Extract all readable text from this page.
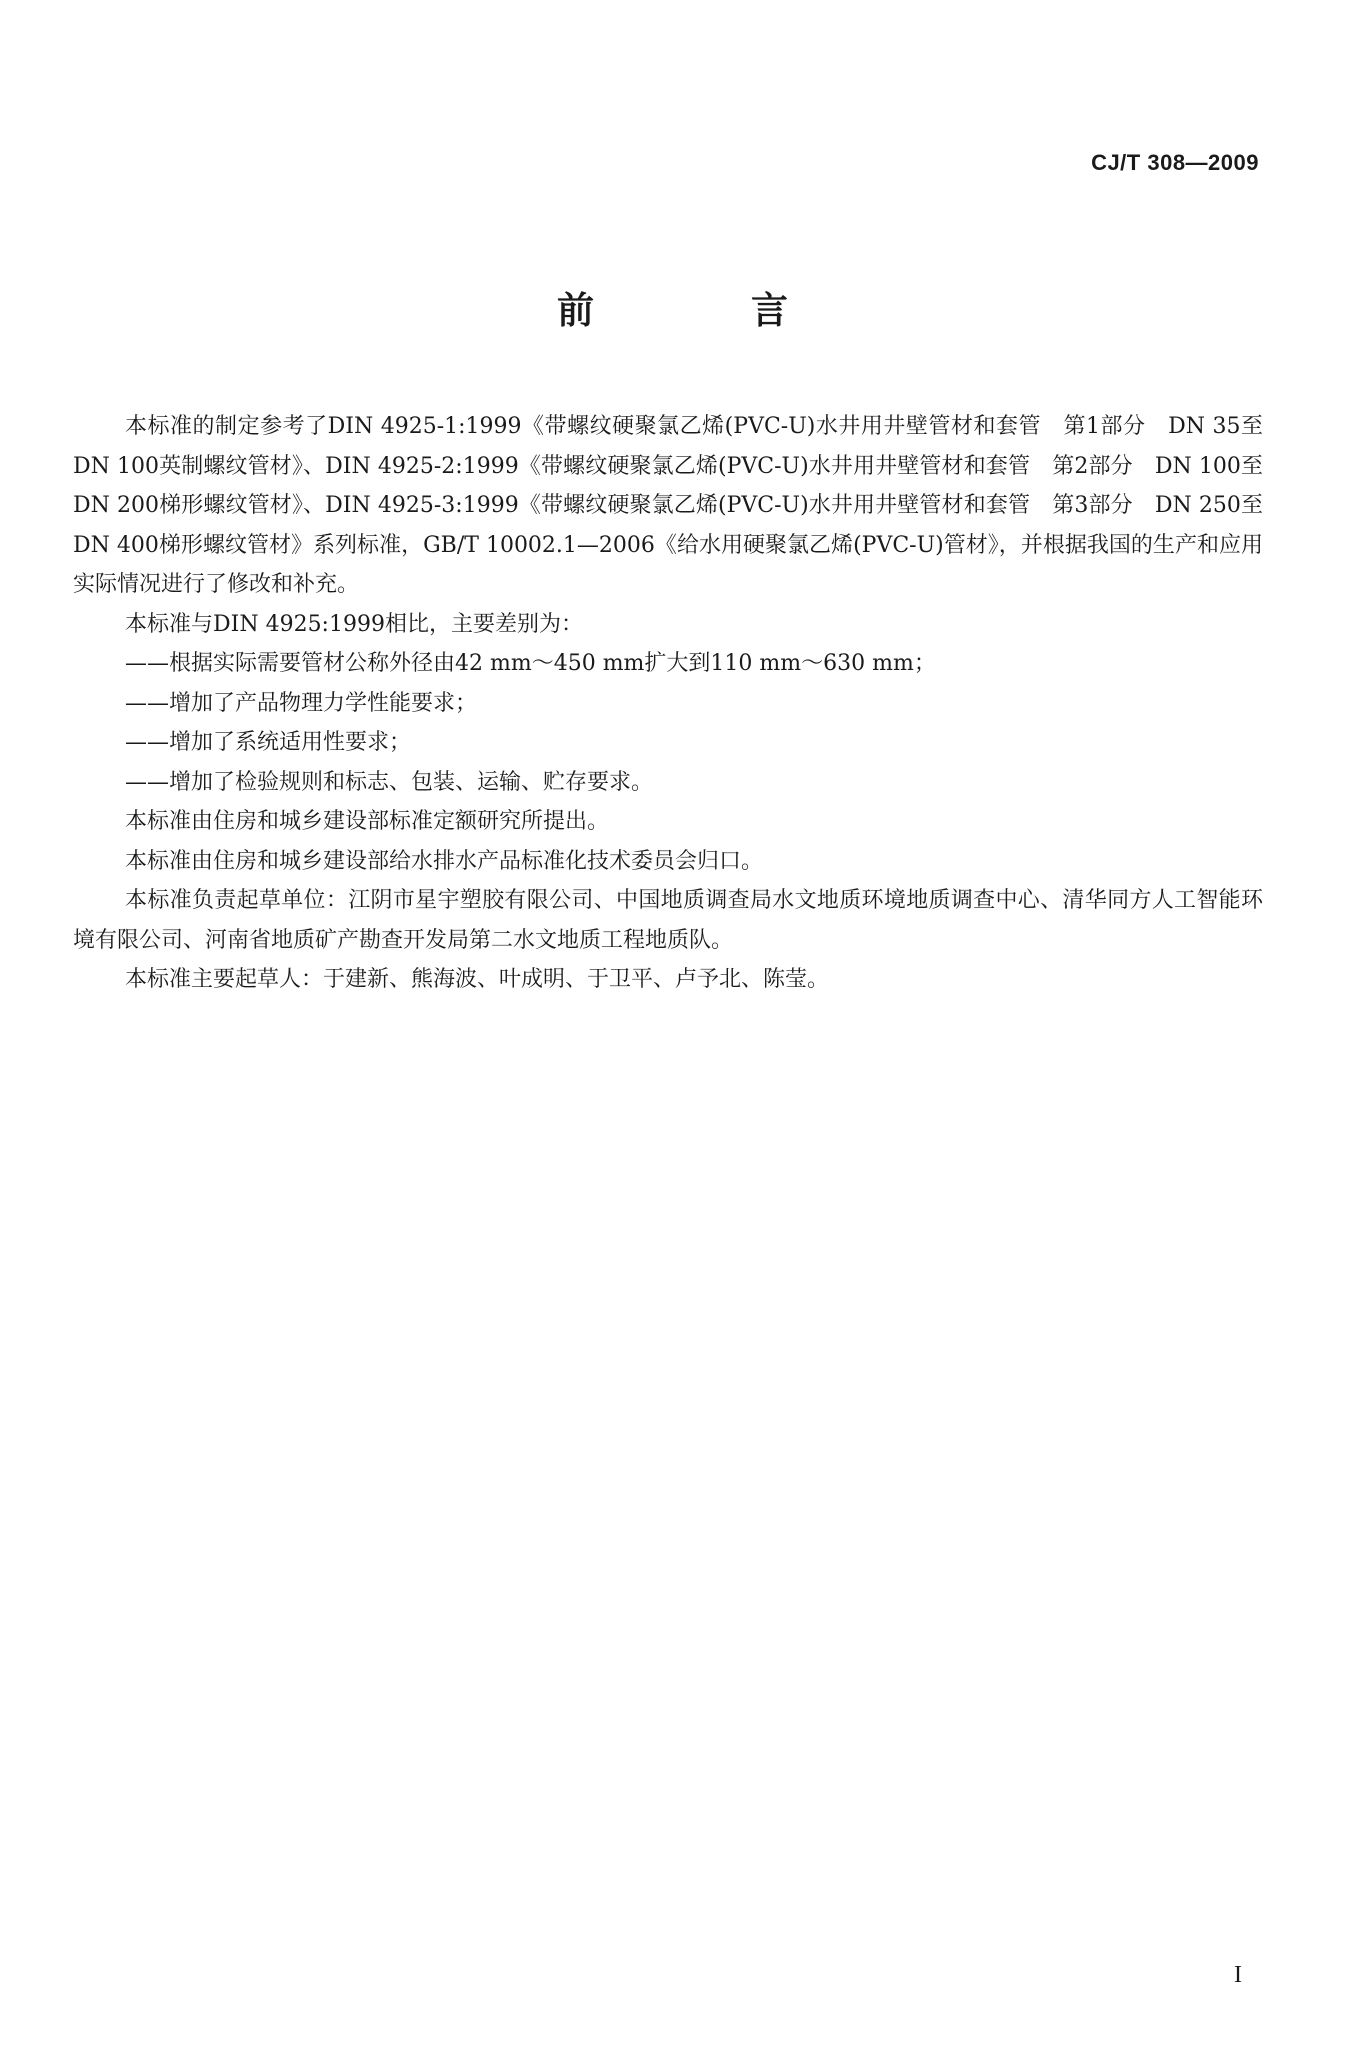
CJ/T 308—2009
前　言

本标准的制定参考了DIN 4925-1:1999《带螺纹硬聚氯乙烯(PVC-U)水井用井壁管材和套管　第1部分　DN 35至DN 100英制螺纹管材》、DIN 4925-2:1999《带螺纹硬聚氯乙烯(PVC-U)水井用井壁管材和套管　第2部分　DN 100至DN 200梯形螺纹管材》、DIN 4925-3:1999《带螺纹硬聚氯乙烯(PVC-U)水井用井壁管材和套管　第3部分　DN 250至DN 400梯形螺纹管材》系列标准，GB/T 10002.1—2006《给水用硬聚氯乙烯(PVC-U)管材》，并根据我国的生产和应用实际情况进行了修改和补充。

本标准与DIN 4925:1999相比，主要差别为：

——根据实际需要管材公称外径由42 mm～450 mm扩大到110 mm～630 mm；

——增加了产品物理力学性能要求；

——增加了系统适用性要求；

——增加了检验规则和标志、包装、运输、贮存要求。

本标准由住房和城乡建设部标准定额研究所提出。

本标准由住房和城乡建设部给水排水产品标准化技术委员会归口。

本标准负责起草单位：江阴市星宇塑胶有限公司、中国地质调查局水文地质环境地质调查中心、清华同方人工智能环境有限公司、河南省地质矿产勘查开发局第二水文地质工程地质队。

本标准主要起草人：于建新、熊海波、叶成明、于卫平、卢予北、陈莹。

I
